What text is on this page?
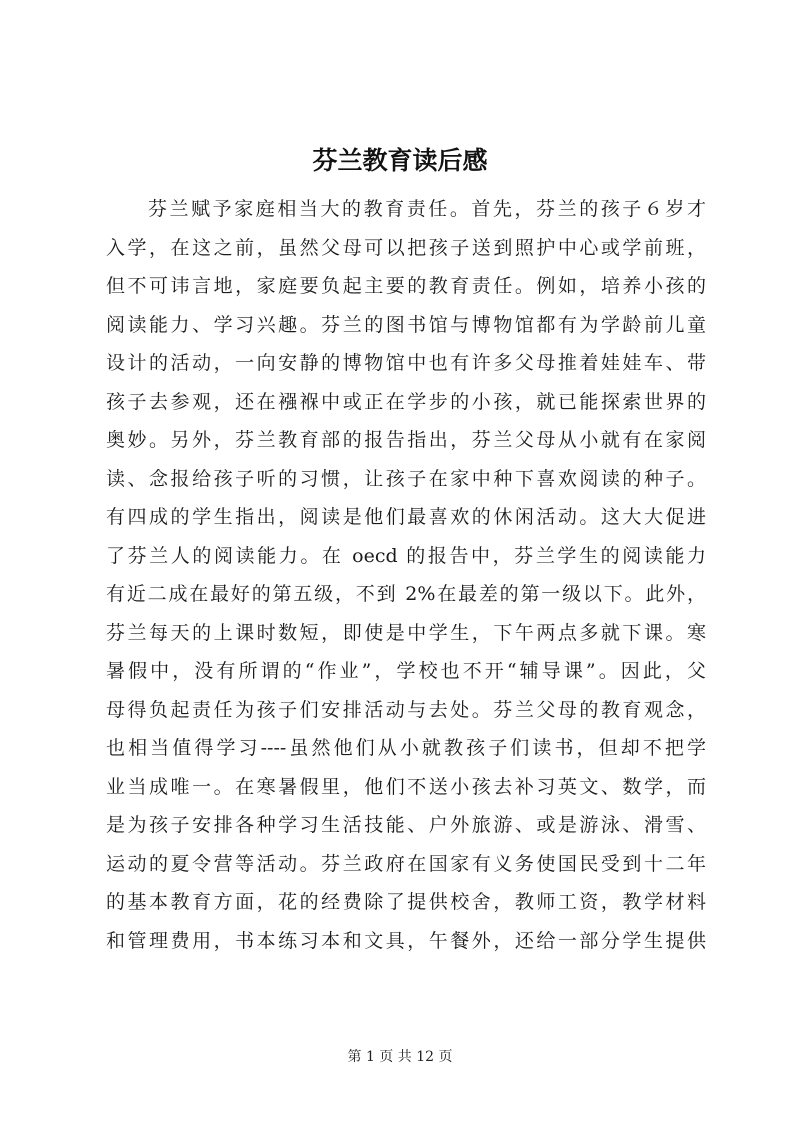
芬兰教育读后感
芬兰赋予家庭相当大的教育责任。首先，芬兰的孩子６岁才
入学，在这之前，虽然父母可以把孩子送到照护中心或学前班，
但不可讳言地，家庭要负起主要的教育责任。例如，培养小孩的
阅读能力、学习兴趣。芬兰的图书馆与博物馆都有为学龄前儿童
设计的活动，一向安静的博物馆中也有许多父母推着娃娃车、带
孩子去参观，还在襁褓中或正在学步的小孩，就已能探索世界的
奥妙。另外，芬兰教育部的报告指出，芬兰父母从小就有在家阅
读、念报给孩子听的习惯，让孩子在家中种下喜欢阅读的种子。
有四成的学生指出，阅读是他们最喜欢的休闲活动。这大大促进
了芬兰人的阅读能力。在 oecd 的报告中，芬兰学生的阅读能力
有近二成在最好的第五级，不到 2%在最差的第一级以下。此外，
芬兰每天的上课时数短，即使是中学生，下午两点多就下课。寒
暑假中，没有所谓的“作业”，学校也不开“辅导课”。因此，父
母得负起责任为孩子们安排活动与去处。芬兰父母的教育观念，
也相当值得学习----虽然他们从小就教孩子们读书，但却不把学
业当成唯一。在寒暑假里，他们不送小孩去补习英文、数学，而
是为孩子安排各种学习生活技能、户外旅游、或是游泳、滑雪、
运动的夏令营等活动。芬兰政府在国家有义务使国民受到十二年
的基本教育方面，花的经费除了提供校舍，教师工资，教学材料
和管理费用，书本练习本和文具，午餐外，还给一部分学生提供
第 1 页 共 12 页
